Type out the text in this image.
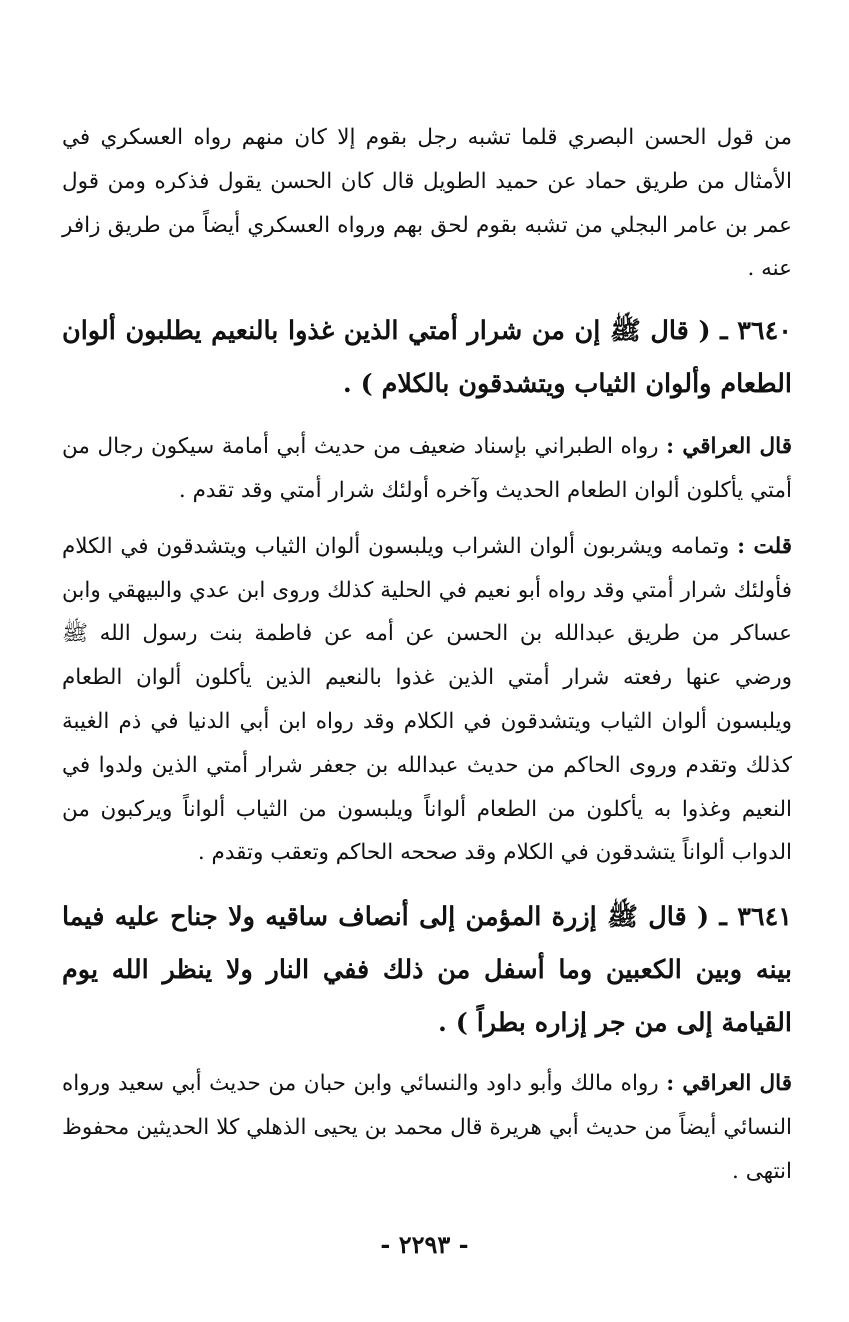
من قول الحسن البصري قلما تشبه رجل بقوم إلا كان منهم رواه العسكري في الأمثال من طريق حماد عن حميد الطويل قال كان الحسن يقول فذكره ومن قول عمر بن عامر البجلي من تشبه بقوم لحق بهم ورواه العسكري أيضاً من طريق زافر عنه .

٣٦٤٠ ـ ( قال ﷺ إن من شرار أمتي الذين غذوا بالنعيم يطلبون ألوان الطعام وألوان الثياب ويتشدقون بالكلام ) .

قال العراقي : رواه الطبراني بإسناد ضعيف من حديث أبي أمامة سيكون رجال من أمتي يأكلون ألوان الطعام الحديث وآخره أولئك شرار أمتي وقد تقدم .

قلت : وتمامه ويشربون ألوان الشراب ويلبسون ألوان الثياب ويتشدقون في الكلام فأولئك شرار أمتي وقد رواه أبو نعيم في الحلية كذلك وروى ابن عدي والبيهقي وابن عساكر من طريق عبدالله بن الحسن عن أمه عن فاطمة بنت رسول الله ﷺ ورضي عنها رفعته شرار أمتي الذين غذوا بالنعيم الذين يأكلون ألوان الطعام ويلبسون ألوان الثياب ويتشدقون في الكلام وقد رواه ابن أبي الدنيا في ذم الغيبة كذلك وتقدم وروى الحاكم من حديث عبدالله بن جعفر شرار أمتي الذين ولدوا في النعيم وغذوا به يأكلون من الطعام ألواناً ويلبسون من الثياب ألواناً ويركبون من الدواب ألواناً يتشدقون في الكلام وقد صححه الحاكم وتعقب وتقدم .

٣٦٤١ ـ ( قال ﷺ إزرة المؤمن إلى أنصاف ساقيه ولا جناح عليه فيما بينه وبين الكعبين وما أسفل من ذلك ففي النار ولا ينظر الله يوم القيامة إلى من جر إزاره بطراً ) .

قال العراقي : رواه مالك وأبو داود والنسائي وابن حبان من حديث أبي سعيد ورواه النسائي أيضاً من حديث أبي هريرة قال محمد بن يحيى الذهلي كلا الحديثين محفوظ انتهى .

- ٢٢٩٣ -
